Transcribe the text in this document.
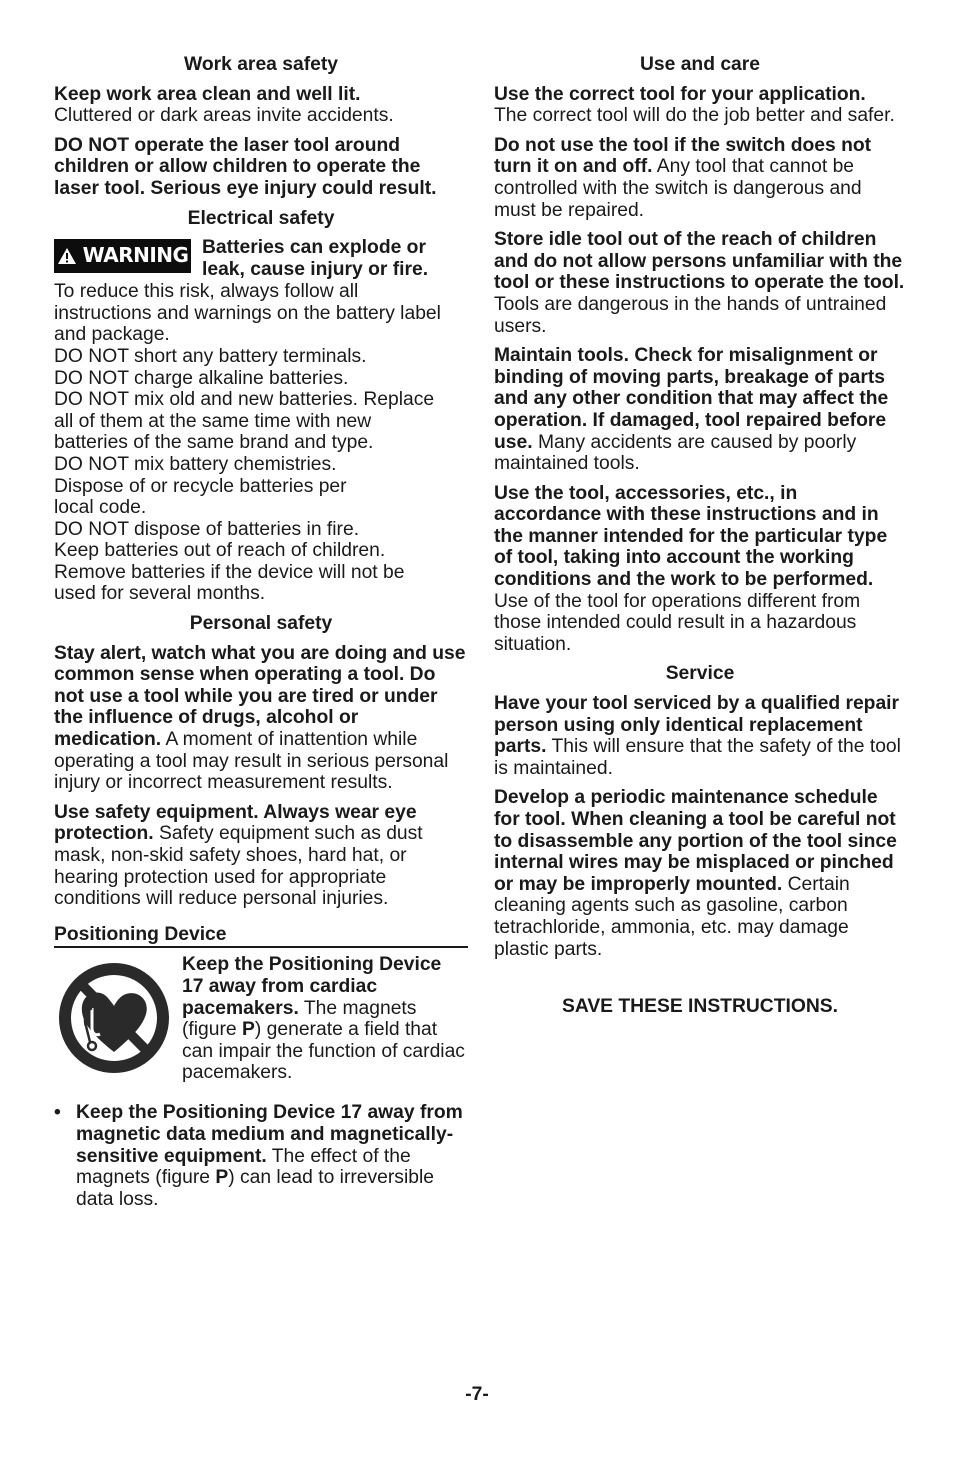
Work area safety
Keep work area clean and well lit.
Cluttered or dark areas invite accidents.
DO NOT operate the laser tool around children or allow children to operate the laser tool. Serious eye injury could result.
Electrical safety
WARNING Batteries can explode or leak, cause injury or fire.
To reduce this risk, always follow all
instructions and warnings on the battery label
and package.
DO NOT short any battery terminals.
DO NOT charge alkaline batteries.
DO NOT mix old and new batteries. Replace
all of them at the same time with new
batteries of the same brand and type.
DO NOT mix battery chemistries.
Dispose of or recycle batteries per
local code.
DO NOT dispose of batteries in fire.
Keep batteries out of reach of children.
Remove batteries if the device will not be
used for several months.
Personal safety
Stay alert, watch what you are doing and use common sense when operating a tool. Do not use a tool while you are tired or under the influence of drugs, alcohol or medication. A moment of inattention while operating a tool may result in serious personal injury or incorrect measurement results.
Use safety equipment. Always wear eye protection. Safety equipment such as dust mask, non-skid safety shoes, hard hat, or hearing protection used for appropriate conditions will reduce personal injuries.
Positioning Device
Keep the Positioning Device 17 away from cardiac pacemakers. The magnets (figure P) generate a field that can impair the function of cardiac pacemakers.
• Keep the Positioning Device 17 away from magnetic data medium and magnetically-sensitive equipment. The effect of the magnets (figure P) can lead to irreversible data loss.
Use and care
Use the correct tool for your application.
The correct tool will do the job better and safer.
Do not use the tool if the switch does not turn it on and off. Any tool that cannot be controlled with the switch is dangerous and must be repaired.
Store idle tool out of the reach of children and do not allow persons unfamiliar with the tool or these instructions to operate the tool. Tools are dangerous in the hands of untrained users.
Maintain tools. Check for misalignment or binding of moving parts, breakage of parts and any other condition that may affect the operation. If damaged, tool repaired before use. Many accidents are caused by poorly maintained tools.
Use the tool, accessories, etc., in accordance with these instructions and in the manner intended for the particular type of tool, taking into account the working conditions and the work to be performed. Use of the tool for operations different from those intended could result in a hazardous situation.
Service
Have your tool serviced by a qualified repair person using only identical replacement parts. This will ensure that the safety of the tool is maintained.
Develop a periodic maintenance schedule for tool. When cleaning a tool be careful not to disassemble any portion of the tool since internal wires may be misplaced or pinched or may be improperly mounted. Certain cleaning agents such as gasoline, carbon tetrachloride, ammonia, etc. may damage plastic parts.
SAVE THESE INSTRUCTIONS.
-7-
